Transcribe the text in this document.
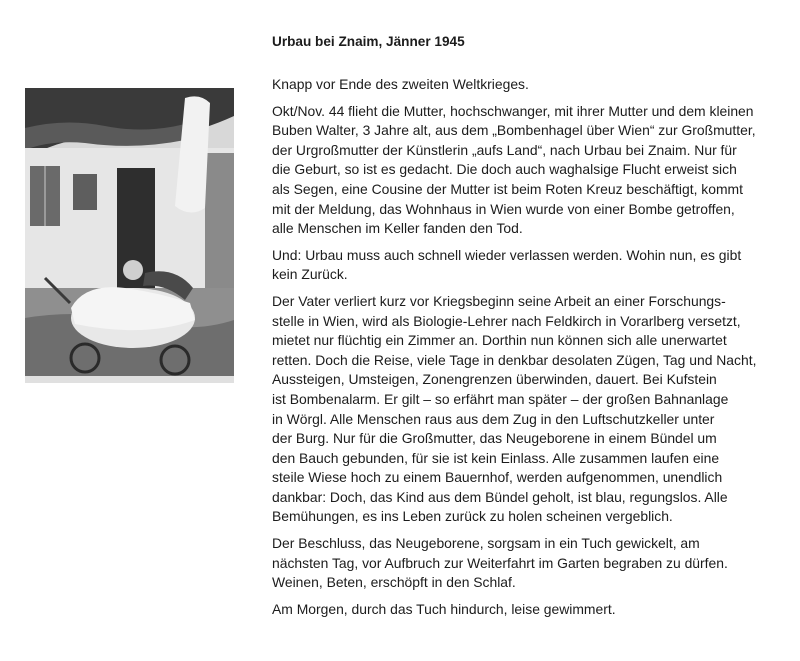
Urbau bei Znaim, Jänner 1945
Knapp vor Ende des zweiten Weltkrieges.
Okt/Nov. 44 flieht die Mutter, hochschwanger, mit ihrer Mutter und dem kleinen
Buben Walter, 3 Jahre alt, aus dem „Bombenhagel über Wien“ zur Großmutter,
der Urgroßmutter der Künstlerin „aufs Land“, nach Urbau bei Znaim. Nur für
die Geburt, so ist es gedacht. Die doch auch waghalsige Flucht erweist sich
als Segen, eine Cousine der Mutter ist beim Roten Kreuz beschäftigt, kommt
mit der Meldung, das Wohnhaus in Wien wurde von einer Bombe getroffen,
alle Menschen im Keller fanden den Tod.
Und: Urbau muss auch schnell wieder verlassen werden. Wohin nun, es gibt
kein Zurück.
Der Vater verliert kurz vor Kriegsbeginn seine Arbeit an einer Forschungs-
stelle in Wien, wird als Biologie-Lehrer nach Feldkirch in Vorarlberg versetzt,
mietet nur flüchtig ein Zimmer an. Dorthin nun können sich alle unerwartet
retten. Doch die Reise, viele Tage in denkbar desolaten Zügen, Tag und Nacht,
Aussteigen, Umsteigen, Zonengrenzen überwinden, dauert. Bei Kufstein
ist Bombenalarm. Er gilt – so erfährt man später – der großen Bahnanlage
in Wörgl. Alle Menschen raus aus dem Zug in den Luftschutzkeller unter
der Burg. Nur für die Großmutter, das Neugeborene in einem Bündel um
den Bauch gebunden, für sie ist kein Einlass. Alle zusammen laufen eine
steile Wiese hoch zu einem Bauernhof, werden aufgenommen, unendlich
dankbar: Doch, das Kind aus dem Bündel geholt, ist blau, regungslos. Alle
Bemühungen, es ins Leben zurück zu holen scheinen vergeblich.
Der Beschluss, das Neugeborene, sorgsam in ein Tuch gewickelt, am
nächsten Tag, vor Aufbruch zur Weiterfahrt im Garten begraben zu dürfen.
Weinen, Beten, erschöpft in den Schlaf.
Am Morgen, durch das Tuch hindurch, leise gewimmert.
